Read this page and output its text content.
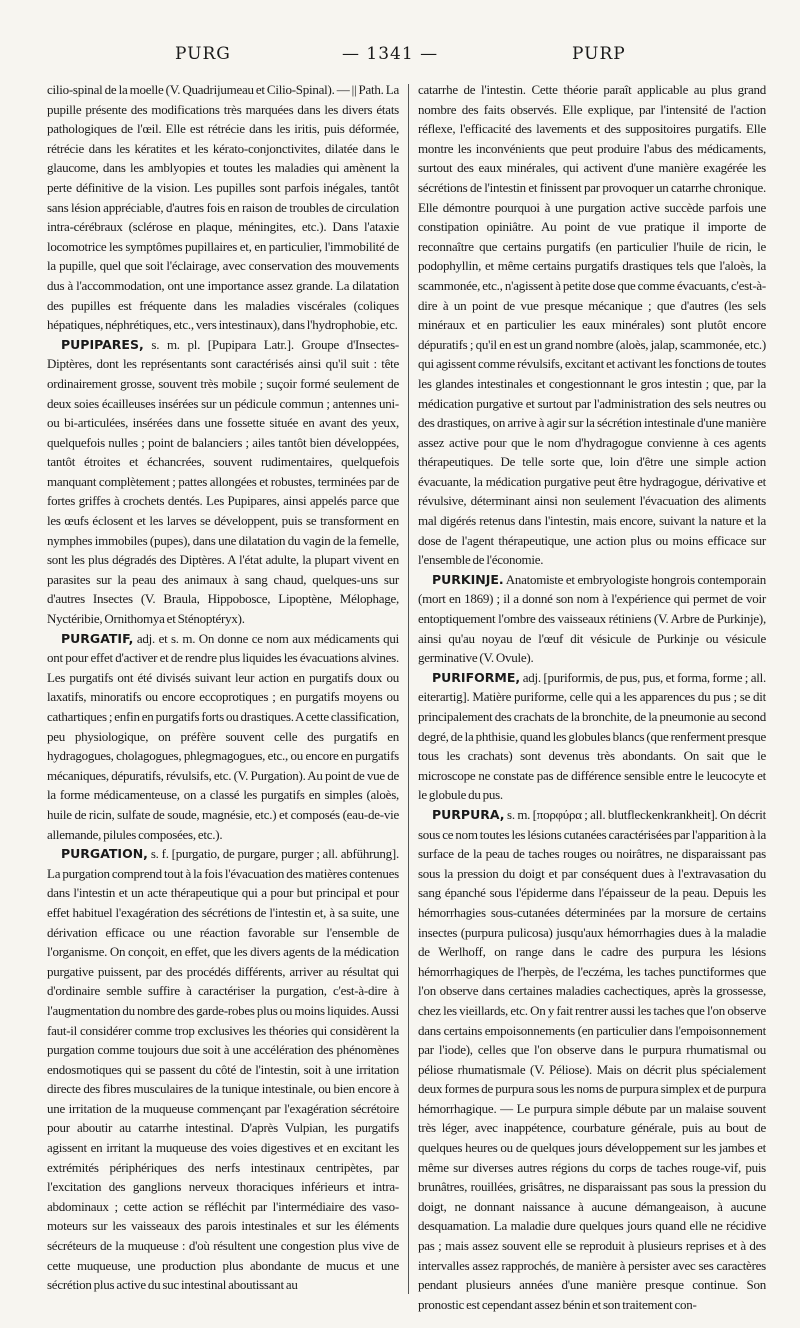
PURG	— 1341 —	PURP

cilio-spinal de la moelle (V. Quadrijumeau et Cilio-Spinal). — || Path. La pupille présente des modifications très marquées dans les divers états pathologiques de l'œil. Elle est rétrécie dans les iritis, puis déformée, rétrécie dans les kératites et les kérato-conjonctivites, dilatée dans le glaucome, dans les amblyopies et toutes les maladies qui amènent la perte définitive de la vision. Les pupilles sont parfois inégales, tantôt sans lésion appréciable, d'autres fois en raison de troubles de circulation intra-cérébraux (sclérose en plaque, méningites, etc.). Dans l'ataxie locomotrice les symptômes pupillaires et, en particulier, l'immobilité de la pupille, quel que soit l'éclairage, avec conservation des mouvements dus à l'accommodation, ont une importance assez grande. La dilatation des pupilles est fréquente dans les maladies viscérales (coliques hépatiques, néphrétiques, etc., vers intestinaux), dans l'hydrophobie, etc.

PUPIPARES, s. m. pl. [Pupipara Latr.]. Groupe d'Insectes-Diptères, dont les représentants sont caractérisés ainsi qu'il suit : tête ordinairement grosse, souvent très mobile ; suçoir formé seulement de deux soies écailleuses insérées sur un pédicule commun ; antennes uni- ou bi-articulées, insérées dans une fossette située en avant des yeux, quelquefois nulles ; point de balanciers ; ailes tantôt bien développées, tantôt étroites et échancrées, souvent rudimentaires, quelquefois manquant complètement ; pattes allongées et robustes, terminées par de fortes griffes à crochets dentés. Les Pupipares, ainsi appelés parce que les œufs éclosent et les larves se développent, puis se transforment en nymphes immobiles (pupes), dans une dilatation du vagin de la femelle, sont les plus dégradés des Diptères. A l'état adulte, la plupart vivent en parasites sur la peau des animaux à sang chaud, quelques-uns sur d'autres Insectes (V. Braula, Hippobosce, Lipoptène, Mélophage, Nyctéribie, Ornithomya et Sténoptéryx).

PURGATIF, adj. et s. m. On donne ce nom aux médicaments qui ont pour effet d'activer et de rendre plus liquides les évacuations alvines. Les purgatifs ont été divisés suivant leur action en purgatifs doux ou laxatifs, minoratifs ou encore eccoprotiques ; en purgatifs moyens ou cathartiques ; enfin en purgatifs forts ou drastiques. A cette classification, peu physiologique, on préfère souvent celle des purgatifs en hydragogues, cholagogues, phlegmagogues, etc., ou encore en purgatifs mécaniques, dépuratifs, révulsifs, etc. (V. Purgation). Au point de vue de la forme médicamenteuse, on a classé les purgatifs en simples (aloès, huile de ricin, sulfate de soude, magnésie, etc.) et composés (eau-de-vie allemande, pilules composées, etc.).

PURGATION, s. f. [purgatio, de purgare, purger ; all. abführung]. La purgation comprend tout à la fois l'évacuation des matières contenues dans l'intestin et un acte thérapeutique qui a pour but principal et pour effet habituel l'exagération des sécrétions de l'intestin et, à sa suite, une dérivation efficace ou une réaction favorable sur l'ensemble de l'organisme. On conçoit, en effet, que les divers agents de la médication purgative puissent, par des procédés différents, arriver au résultat qui d'ordinaire semble suffire à caractériser la purgation, c'est-à-dire à l'augmentation du nombre des garde-robes plus ou moins liquides. Aussi faut-il considérer comme trop exclusives les théories qui considèrent la purgation comme toujours due soit à une accélération des phénomènes endosmotiques qui se passent du côté de l'intestin, soit à une irritation directe des fibres musculaires de la tunique intestinale, ou bien encore à une irritation de la muqueuse commençant par l'exagération sécrétoire pour aboutir au catarrhe intestinal. D'après Vulpian, les purgatifs agissent en irritant la muqueuse des voies digestives et en excitant les extrémités périphériques des nerfs intestinaux centripètes, par l'excitation des ganglions nerveux thoraciques inférieurs et intra-abdominaux ; cette action se réfléchit par l'intermédiaire des vaso-moteurs sur les vaisseaux des parois intestinales et sur les éléments sécréteurs de la muqueuse : d'où résultent une congestion plus vive de cette muqueuse, une production plus abondante de mucus et une sécrétion plus active du suc intestinal aboutissant au

catarrhe de l'intestin. Cette théorie paraît applicable au plus grand nombre des faits observés. Elle explique, par l'intensité de l'action réflexe, l'efficacité des lavements et des suppositoires purgatifs. Elle montre les inconvénients que peut produire l'abus des médicaments, surtout des eaux minérales, qui activent d'une manière exagérée les sécrétions de l'intestin et finissent par provoquer un catarrhe chronique. Elle démontre pourquoi à une purgation active succède parfois une constipation opiniâtre. Au point de vue pratique il importe de reconnaître que certains purgatifs (en particulier l'huile de ricin, le podophyllin, et même certains purgatifs drastiques tels que l'aloès, la scammonée, etc., n'agissent à petite dose que comme évacuants, c'est-à-dire à un point de vue presque mécanique ; que d'autres (les sels minéraux et en particulier les eaux minérales) sont plutôt encore dépuratifs ; qu'il en est un grand nombre (aloès, jalap, scammonée, etc.) qui agissent comme révulsifs, excitant et activant les fonctions de toutes les glandes intestinales et congestionnant le gros intestin ; que, par la médication purgative et surtout par l'administration des sels neutres ou des drastiques, on arrive à agir sur la sécrétion intestinale d'une manière assez active pour que le nom d'hydragogue convienne à ces agents thérapeutiques. De telle sorte que, loin d'être une simple action évacuante, la médication purgative peut être hydragogue, dérivative et révulsive, déterminant ainsi non seulement l'évacuation des aliments mal digérés retenus dans l'intestin, mais encore, suivant la nature et la dose de l'agent thérapeutique, une action plus ou moins efficace sur l'ensemble de l'économie.

PURKINJE. Anatomiste et embryologiste hongrois contemporain (mort en 1869) ; il a donné son nom à l'expérience qui permet de voir entoptiquement l'ombre des vaisseaux rétiniens (V. Arbre de Purkinje), ainsi qu'au noyau de l'œuf dit vésicule de Purkinje ou vésicule germinative (V. Ovule).

PURIFORME, adj. [puriformis, de pus, pus, et forma, forme ; all. eiterartig]. Matière puriforme, celle qui a les apparences du pus ; se dit principalement des crachats de la bronchite, de la pneumonie au second degré, de la phthisie, quand les globules blancs (que renferment presque tous les crachats) sont devenus très abondants. On sait que le microscope ne constate pas de différence sensible entre le leucocyte et le globule du pus.

PURPURA, s. m. [πορφύρα ; all. blutfleckenkrankheit]. On décrit sous ce nom toutes les lésions cutanées caractérisées par l'apparition à la surface de la peau de taches rouges ou noirâtres, ne disparaissant pas sous la pression du doigt et par conséquent dues à l'extravasation du sang épanché sous l'épiderme dans l'épaisseur de la peau. Depuis les hémorrhagies sous-cutanées déterminées par la morsure de certains insectes (purpura pulicosa) jusqu'aux hémorrhagies dues à la maladie de Werlhoff, on range dans le cadre des purpura les lésions hémorrhagiques de l'herpès, de l'eczéma, les taches punctiformes que l'on observe dans certaines maladies cachectiques, après la grossesse, chez les vieillards, etc. On y fait rentrer aussi les taches que l'on observe dans certains empoisonnements (en particulier dans l'empoisonnement par l'iode), celles que l'on observe dans le purpura rhumatismal ou péliose rhumatismale (V. Péliose). Mais on décrit plus spécialement deux formes de purpura sous les noms de purpura simplex et de purpura hémorrhagique. — Le purpura simple débute par un malaise souvent très léger, avec inappétence, courbature générale, puis au bout de quelques heures ou de quelques jours développement sur les jambes et même sur diverses autres régions du corps de taches rouge-vif, puis brunâtres, rouillées, grisâtres, ne disparaissant pas sous la pression du doigt, ne donnant naissance à aucune démangeaison, à aucune desquamation. La maladie dure quelques jours quand elle ne récidive pas ; mais assez souvent elle se reproduit à plusieurs reprises et à des intervalles assez rapprochés, de manière à persister avec ses caractères pendant plusieurs années d'une manière presque continue. Son pronostic est cependant assez bénin et son traitement con-
